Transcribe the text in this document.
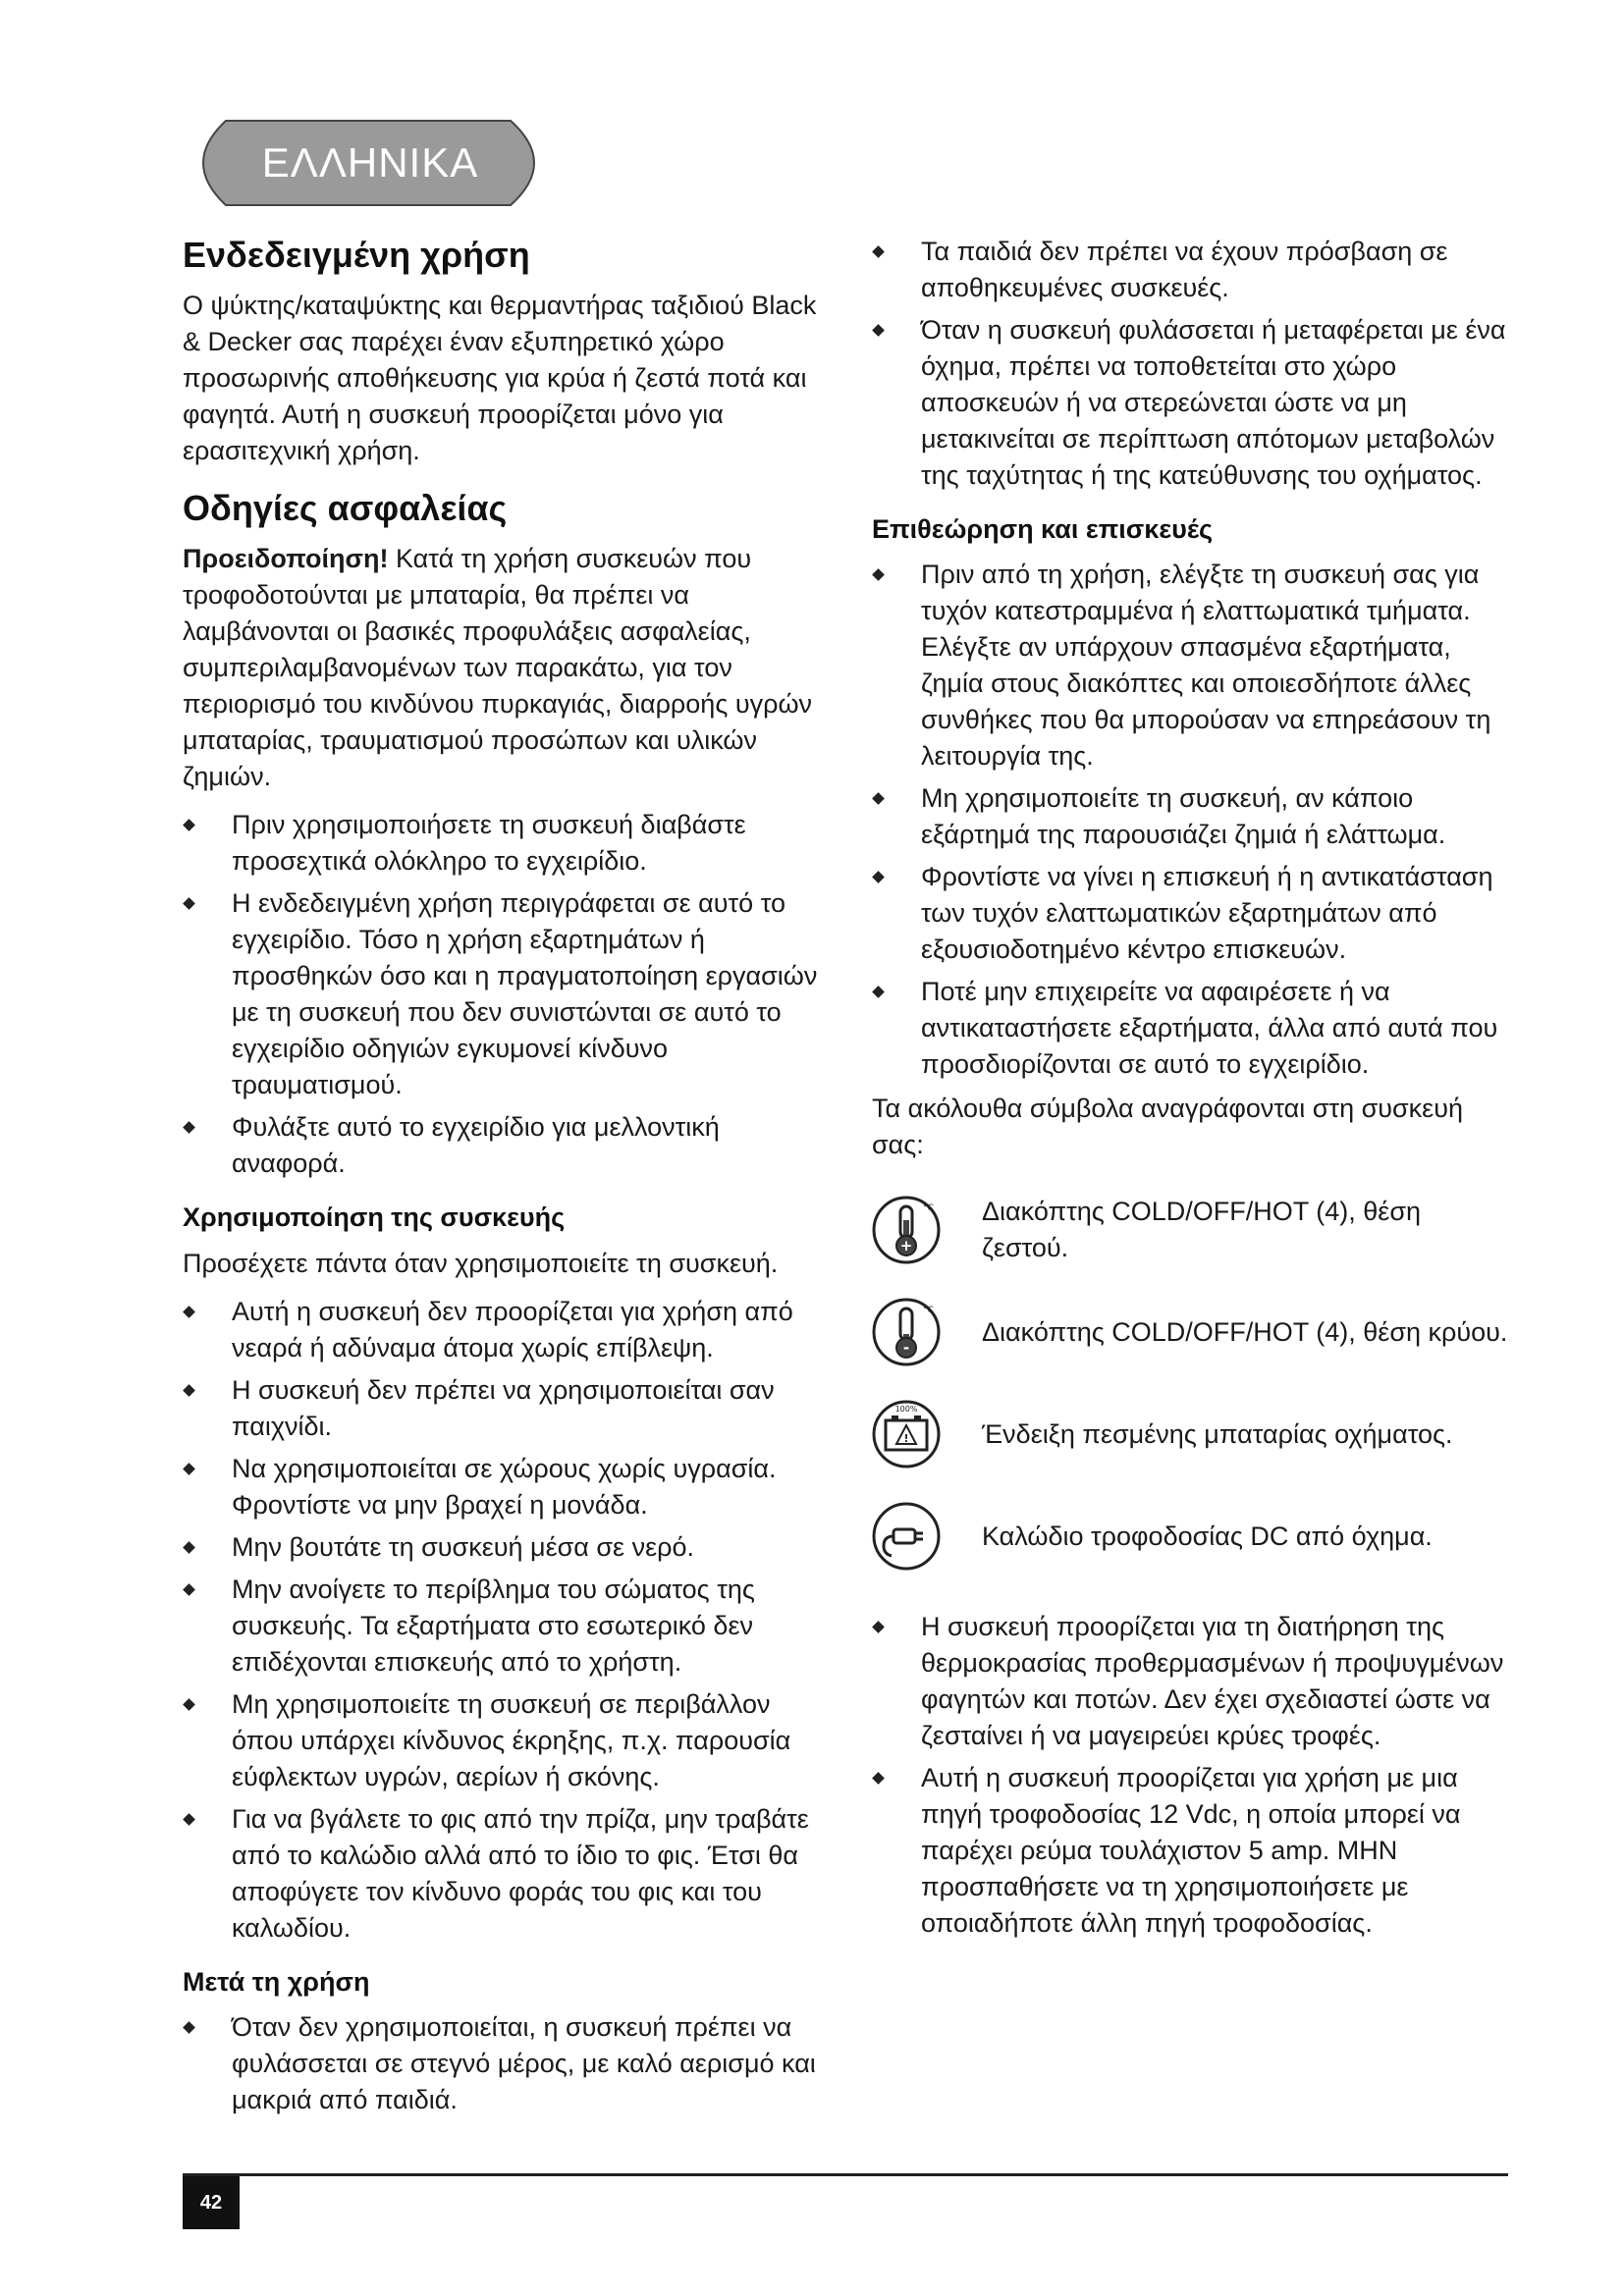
ΕΛΛΗΝΙΚΑ
Ενδεδειγμένη χρήση

Ο ψύκτης/καταψύκτης και θερμαντήρας ταξιδιού Black & Decker σας παρέχει έναν εξυπηρετικό χώρο προσωρινής αποθήκευσης για κρύα ή ζεστά ποτά και φαγητά. Αυτή η συσκευή προορίζεται μόνο για ερασιτεχνική χρήση.

Οδηγίες ασφαλείας

Προειδοποίηση! Κατά τη χρήση συσκευών που τροφοδοτούνται με μπαταρία, θα πρέπει να λαμβάνονται οι βασικές προφυλάξεις ασφαλείας, συμπεριλαμβανομένων των παρακάτω, για τον περιορισμό του κινδύνου πυρκαγιάς, διαρροής υγρών μπαταρίας, τραυματισμού προσώπων και υλικών ζημιών.

Πριν χρησιμοποιήσετε τη συσκευή διαβάστε προσεχτικά ολόκληρο το εγχειρίδιο.
Η ενδεδειγμένη χρήση περιγράφεται σε αυτό το εγχειρίδιο. Τόσο η χρήση εξαρτημάτων ή προσθηκών όσο και η πραγματοποίηση εργασιών με τη συσκευή που δεν συνιστώνται σε αυτό το εγχειρίδιο οδηγιών εγκυμονεί κίνδυνο τραυματισμού.
Φυλάξτε αυτό το εγχειρίδιο για μελλοντική αναφορά.
Χρησιμοποίηση της συσκευής

Προσέχετε πάντα όταν χρησιμοποιείτε τη συσκευή.

Αυτή η συσκευή δεν προορίζεται για χρήση από νεαρά ή αδύναμα άτομα χωρίς επίβλεψη.
Η συσκευή δεν πρέπει να χρησιμοποιείται σαν παιχνίδι.
Να χρησιμοποιείται σε χώρους χωρίς υγρασία. Φροντίστε να μην βραχεί η μονάδα.
Μην βουτάτε τη συσκευή μέσα σε νερό.
Μην ανοίγετε το περίβλημα του σώματος της συσκευής. Τα εξαρτήματα στο εσωτερικό δεν επιδέχονται επισκευής από το χρήστη.
Μη χρησιμοποιείτε τη συσκευή σε περιβάλλον όπου υπάρχει κίνδυνος έκρηξης, π.χ. παρουσία εύφλεκτων υγρών, αερίων ή σκόνης.
Για να βγάλετε το φις από την πρίζα, μην τραβάτε από το καλώδιο αλλά από το ίδιο το φις. Έτσι θα αποφύγετε τον κίνδυνο φοράς του φις και του καλωδίου.
Μετά τη χρήση
Όταν δεν χρησιμοποιείται, η συσκευή πρέπει να φυλάσσεται σε στεγνό μέρος, με καλό αερισμό και μακριά από παιδιά.
Τα παιδιά δεν πρέπει να έχουν πρόσβαση σε αποθηκευμένες συσκευές.
Όταν η συσκευή φυλάσσεται ή μεταφέρεται με ένα όχημα, πρέπει να τοποθετείται στο χώρο αποσκευών ή να στερεώνεται ώστε να μη μετακινείται σε περίπτωση απότομων μεταβολών της ταχύτητας ή της κατεύθυνσης του οχήματος.
Επιθεώρηση και επισκευές
Πριν από τη χρήση, ελέγξτε τη συσκευή σας για τυχόν κατεστραμμένα ή ελαττωματικά τμήματα. Ελέγξτε αν υπάρχουν σπασμένα εξαρτήματα, ζημία στους διακόπτες και οποιεσδήποτε άλλες συνθήκες που θα μπορούσαν να επηρεάσουν τη λειτουργία της.
Μη χρησιμοποιείτε τη συσκευή, αν κάποιο εξάρτημά της παρουσιάζει ζημιά ή ελάττωμα.
Φροντίστε να γίνει η επισκευή ή η αντικατάσταση των τυχόν ελαττωματικών εξαρτημάτων από εξουσιοδοτημένο κέντρο επισκευών.
Ποτέ μην επιχειρείτε να αφαιρέσετε ή να αντικαταστήσετε εξαρτήματα, άλλα από αυτά που προσδιορίζονται σε αυτό το εγχειρίδιο.

Τα ακόλουθα σύμβολα αναγράφονται στη συσκευή σας:

+
°C Διακόπτης COLD/OFF/HOT (4), θέση ζεστού.
-
°C
Διακόπτης COLD/OFF/HOT (4), θέση κρύου.
!
100%
Ένδειξη πεσμένης μπαταρίας οχήματος.
Καλώδιο τροφοδοσίας DC από όχημα.
Η συσκευή προορίζεται για τη διατήρηση της θερμοκρασίας προθερμασμένων ή προψυγμένων φαγητών και ποτών. Δεν έχει σχεδιαστεί ώστε να ζεσταίνει ή να μαγειρεύει κρύες τροφές.
Αυτή η συσκευή προορίζεται για χρήση με μια πηγή τροφοδοσίας 12 Vdc, η οποία μπορεί να παρέχει ρεύμα τουλάχιστον 5 amp. ΜΗΝ προσπαθήσετε να τη χρησιμοποιήσετε με οποιαδήποτε άλλη πηγή τροφοδοσίας.
42
